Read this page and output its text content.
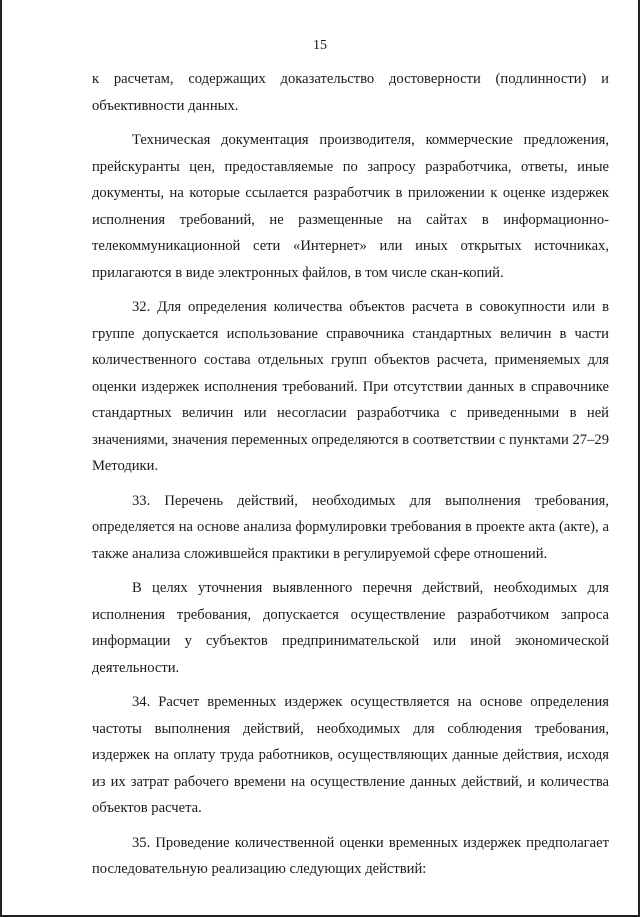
15

к расчетам, содержащих доказательство достоверности (подлинности) и объективности данных.

Техническая документация производителя, коммерческие предложения, прейскуранты цен, предоставляемые по запросу разработчика, ответы, иные документы, на которые ссылается разработчик в приложении к оценке издержек исполнения требований, не размещенные на сайтах в информационно-телекоммуникационной сети «Интернет» или иных открытых источниках, прилагаются в виде электронных файлов, в том числе скан-копий.

32. Для определения количества объектов расчета в совокупности или в группе допускается использование справочника стандартных величин в части количественного состава отдельных групп объектов расчета, применяемых для оценки издержек исполнения требований. При отсутствии данных в справочнике стандартных величин или несогласии разработчика с приведенными в ней значениями, значения переменных определяются в соответствии с пунктами 27–29 Методики.

33. Перечень действий, необходимых для выполнения требования, определяется на основе анализа формулировки требования в проекте акта (акте), а также анализа сложившейся практики в регулируемой сфере отношений.

В целях уточнения выявленного перечня действий, необходимых для исполнения требования, допускается осуществление разработчиком запроса информации у субъектов предпринимательской или иной экономической деятельности.

34. Расчет временных издержек осуществляется на основе определения частоты выполнения действий, необходимых для соблюдения требования, издержек на оплату труда работников, осуществляющих данные действия, исходя из их затрат рабочего времени на осуществление данных действий, и количества объектов расчета.

35. Проведение количественной оценки временных издержек предполагает последовательную реализацию следующих действий:
